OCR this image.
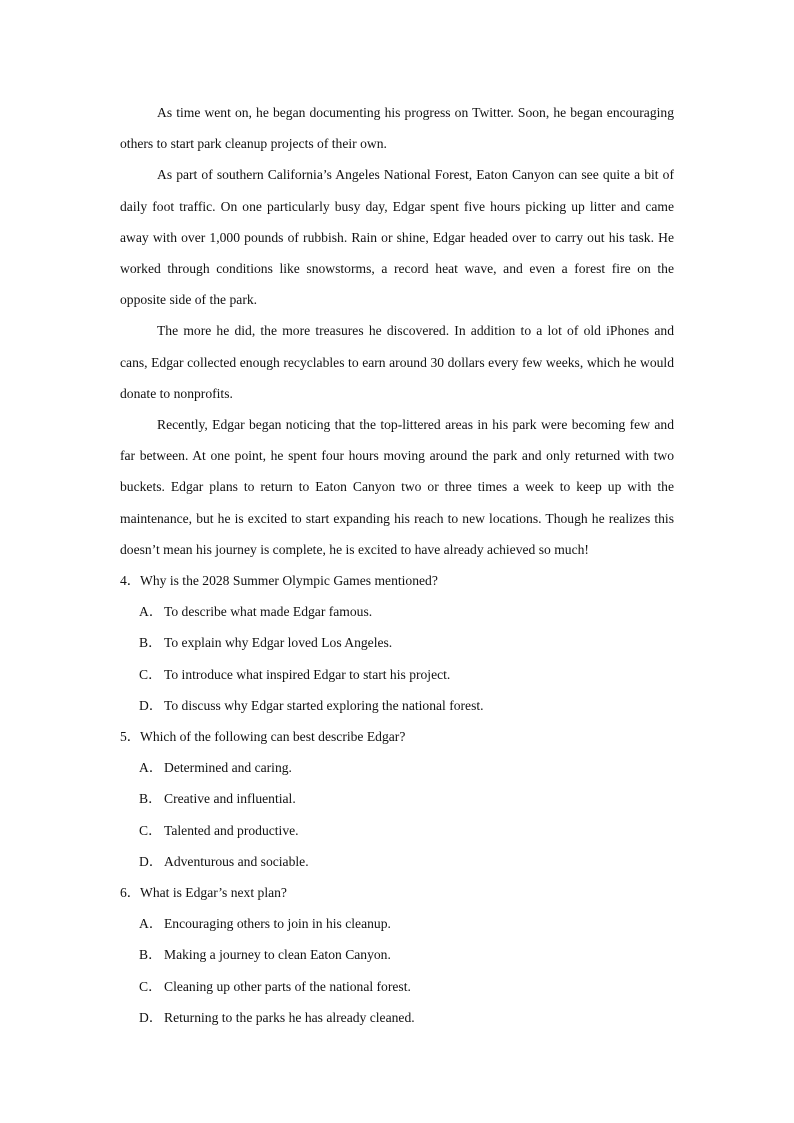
As time went on, he began documenting his progress on Twitter. Soon, he began encouraging others to start park cleanup projects of their own.

As part of southern California’s Angeles National Forest, Eaton Canyon can see quite a bit of daily foot traffic. On one particularly busy day, Edgar spent five hours picking up litter and came away with over 1,000 pounds of rubbish. Rain or shine, Edgar headed over to carry out his task. He worked through conditions like snowstorms, a record heat wave, and even a forest fire on the opposite side of the park.

The more he did, the more treasures he discovered. In addition to a lot of old iPhones and cans, Edgar collected enough recyclables to earn around 30 dollars every few weeks, which he would donate to nonprofits.

Recently, Edgar began noticing that the top-littered areas in his park were becoming few and far between. At one point, he spent four hours moving around the park and only returned with two buckets. Edgar plans to return to Eaton Canyon two or three times a week to keep up with the maintenance, but he is excited to start expanding his reach to new locations. Though he realizes this doesn’t mean his journey is complete, he is excited to have already achieved so much!

4．Why is the 2028 Summer Olympic Games mentioned?

A． To describe what made Edgar famous.
B． To explain why Edgar loved Los Angeles.
C． To introduce what inspired Edgar to start his project.
D． To discuss why Edgar started exploring the national forest.

5．Which of the following can best describe Edgar?

A． Determined and caring.
B． Creative and influential.
C． Talented and productive.
D． Adventurous and sociable.

6．What is Edgar’s next plan?

A． Encouraging others to join in his cleanup.
B． Making a journey to clean Eaton Canyon.
C． Cleaning up other parts of the national forest.
D． Returning to the parks he has already cleaned.
